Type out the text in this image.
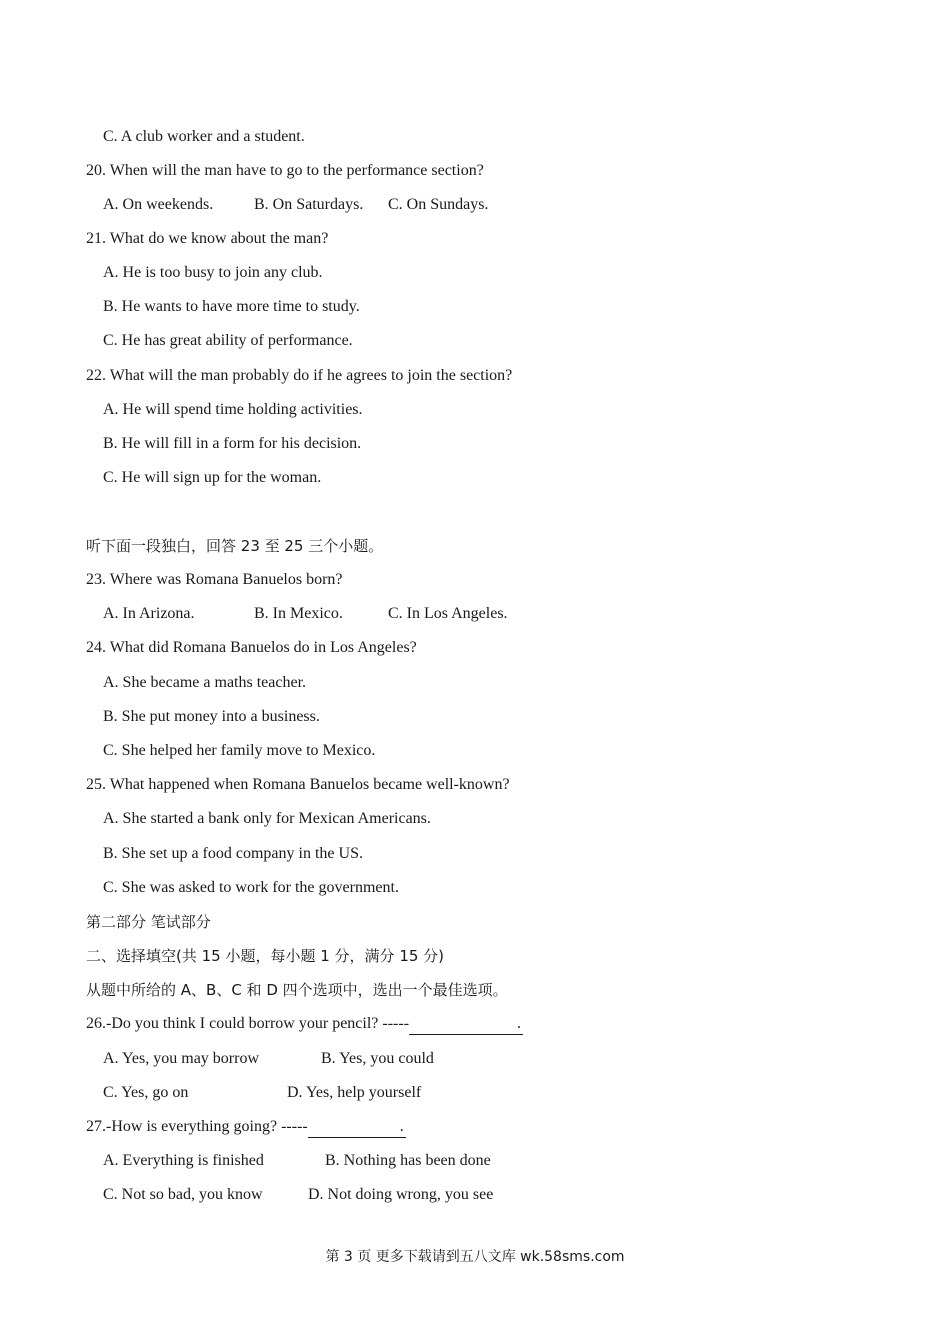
C. A club worker and a student.
20. When will the man have to go to the performance section?
A. On weekends.	B. On Saturdays. C. On Sundays.
21. What do we know about the man?
A. He is too busy to join any club.
B. He wants to have more time to study.
C. He has great ability of performance.
22. What will the man probably do if he agrees to join the section?
A. He will spend time holding activities.
B. He will fill in a form for his decision.
C. He will sign up for the woman.
听下面一段独白，回答 23 至 25 三个小题。
23. Where was Romana Banuelos born?
A. In Arizona.	B. In Mexico.	C. In Los Angeles.
24. What did Romana Banuelos do in Los Angeles?
A. She became a maths teacher.
B. She put money into a business.
C. She helped her family move to Mexico.
25. What happened when Romana Banuelos became well-known?
A. She started a bank only for Mexican Americans.
B. She set up a food company in the US.
C. She was asked to work for the government.
第二部分 笔试部分
二、选择填空(共 15 小题，每小题 1 分，满分 15 分)
从题中所给的 A、B、C 和 D 四个选项中，选出一个最佳选项。
26.-Do you think I could borrow your pencil? -----	.
A. Yes, you may borrow	B. Yes, you could
C. Yes, go on	D. Yes, help yourself
27.-How is everything going? -----	.
A. Everything is finished	B. Nothing has been done
C. Not so bad, you know	D. Not doing wrong, you see
第 3 页 更多下载请到五八文库 wk.58sms.com
